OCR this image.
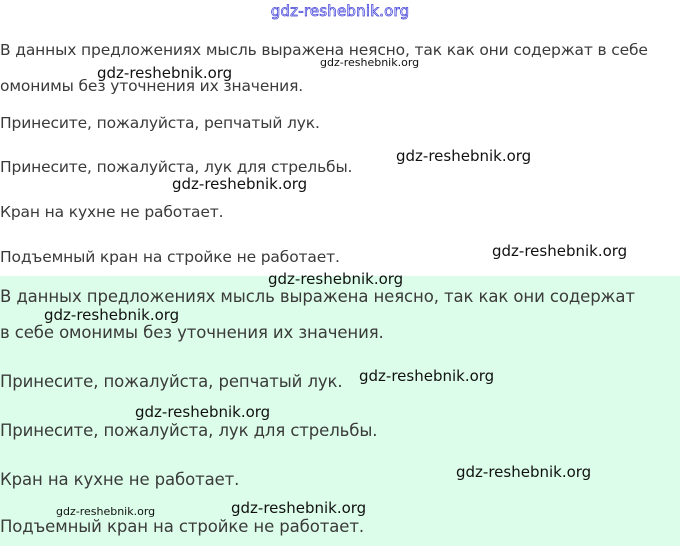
gdz-reshebnik.org
В данных предложениях мысль выражена неясно, так как они содержат в себе
омонимы без уточнения их значения.
Принесите, пожалуйста, репчатый лук.
Принесите, пожалуйста, лук для стрельбы.
Кран на кухне не работает.
Подъемный кран на стройке не работает.
В данных предложениях мысль выражена неясно, так как они содержат
в себе омонимы без уточнения их значения.
Принесите, пожалуйста, репчатый лук.
Принесите, пожалуйста, лук для стрельбы.
Кран на кухне не работает.
Подъемный кран на стройке не работает.
gdz-reshebnik.org
gdz-reshebnik.org
gdz-reshebnik.org
gdz-reshebnik.org
gdz-reshebnik.org
gdz-reshebnik.org
gdz-reshebnik.org
gdz-reshebnik.org
gdz-reshebnik.org
gdz-reshebnik.org
gdz-reshebnik.org	gdz-reshebnik.org
